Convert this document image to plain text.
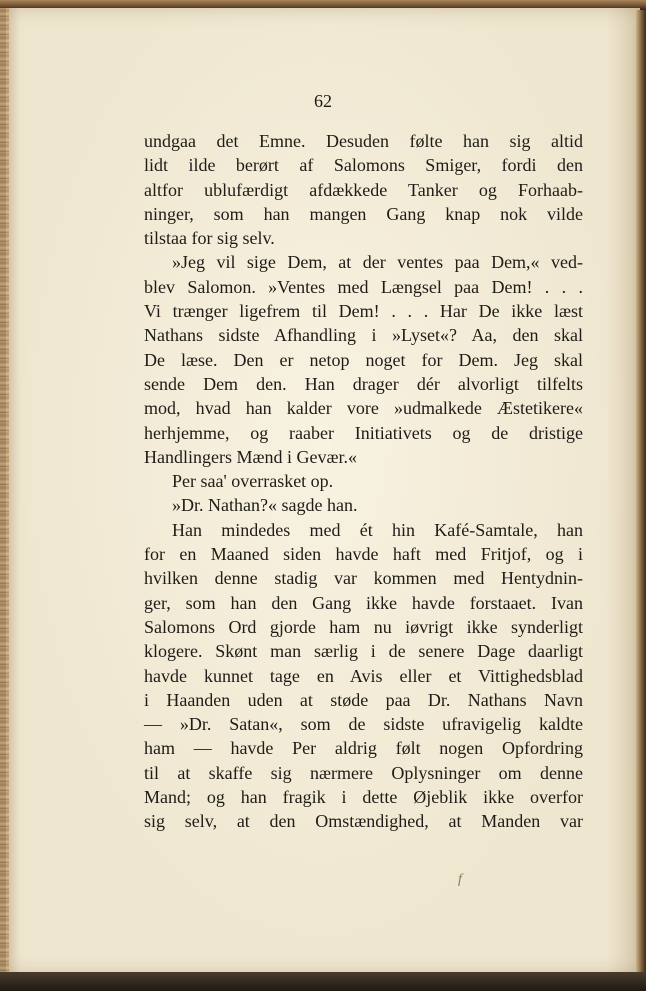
62
undgaa det Emne. Desuden følte han sig altid
lidt ilde berørt af Salomons Smiger, fordi den
altfor ublufærdigt afdækkede Tanker og Forhaab-
ninger, som han mangen Gang knap nok vilde
tilstaa for sig selv.
»Jeg vil sige Dem, at der ventes paa Dem,« ved-
blev Salomon. »Ventes med Længsel paa Dem! . . .
Vi trænger ligefrem til Dem! . . . Har De ikke læst
Nathans sidste Afhandling i »Lyset«? Aa, den skal
De læse. Den er netop noget for Dem. Jeg skal
sende Dem den. Han drager dér alvorligt tilfelts
mod, hvad han kalder vore »udmalkede Æstetikere«
herhjemme, og raaber Initiativets og de dristige
Handlingers Mænd i Gevær.«
Per saa' overrasket op.
»Dr. Nathan?« sagde han.
Han mindedes med ét hin Kafé-Samtale, han
for en Maaned siden havde haft med Fritjof, og i
hvilken denne stadig var kommen med Hentydnin-
ger, som han den Gang ikke havde forstaaet. Ivan
Salomons Ord gjorde ham nu iøvrigt ikke synderligt
klogere. Skønt man særlig i de senere Dage daarligt
havde kunnet tage en Avis eller et Vittighedsblad
i Haanden uden at støde paa Dr. Nathans Navn
— »Dr. Satan«, som de sidste ufravigelig kaldte
ham — havde Per aldrig følt nogen Opfordring
til at skaffe sig nærmere Oplysninger om denne
Mand; og han fragik i dette Øjeblik ikke overfor
sig selv, at den Omstændighed, at Manden var
f
